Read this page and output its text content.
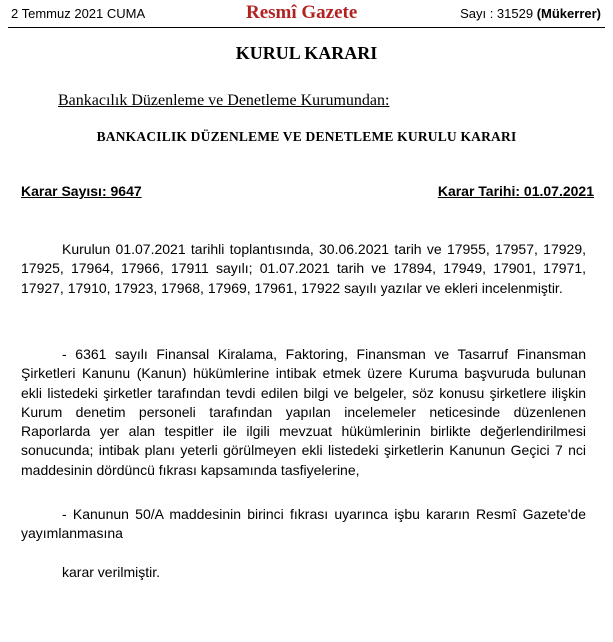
2 Temmuz 2021 CUMA	Resmî Gazete	Sayı : 31529 (Mükerrer)
KURUL KARARI
Bankacılık Düzenleme ve Denetleme Kurumundan:
BANKACILIK DÜZENLEME VE DENETLEME KURULU KARARI
Karar Sayısı: 9647	Karar Tarihi: 01.07.2021
Kurulun 01.07.2021 tarihli toplantısında, 30.06.2021 tarih ve 17955, 17957, 17929, 17925, 17964, 17966, 17911 sayılı; 01.07.2021 tarih ve 17894, 17949, 17901, 17971, 17927, 17910, 17923, 17968, 17969, 17961, 17922 sayılı yazılar ve ekleri incelenmiştir.
- 6361 sayılı Finansal Kiralama, Faktoring, Finansman ve Tasarruf Finansman Şirketleri Kanunu (Kanun) hükümlerine intibak etmek üzere Kuruma başvuruda bulunan ekli listedeki şirketler tarafından tevdi edilen bilgi ve belgeler, söz konusu şirketlere ilişkin Kurum denetim personeli tarafından yapılan incelemeler neticesinde düzenlenen Raporlarda yer alan tespitler ile ilgili mevzuat hükümlerinin birlikte değerlendirilmesi sonucunda; intibak planı yeterli görülmeyen ekli listedeki şirketlerin Kanunun Geçici 7 nci maddesinin dördüncü fıkrası kapsamında tasfiyelerine,
- Kanunun 50/A maddesinin birinci fıkrası uyarınca işbu kararın Resmî Gazete'de yayımlanmasına
karar verilmiştir.
